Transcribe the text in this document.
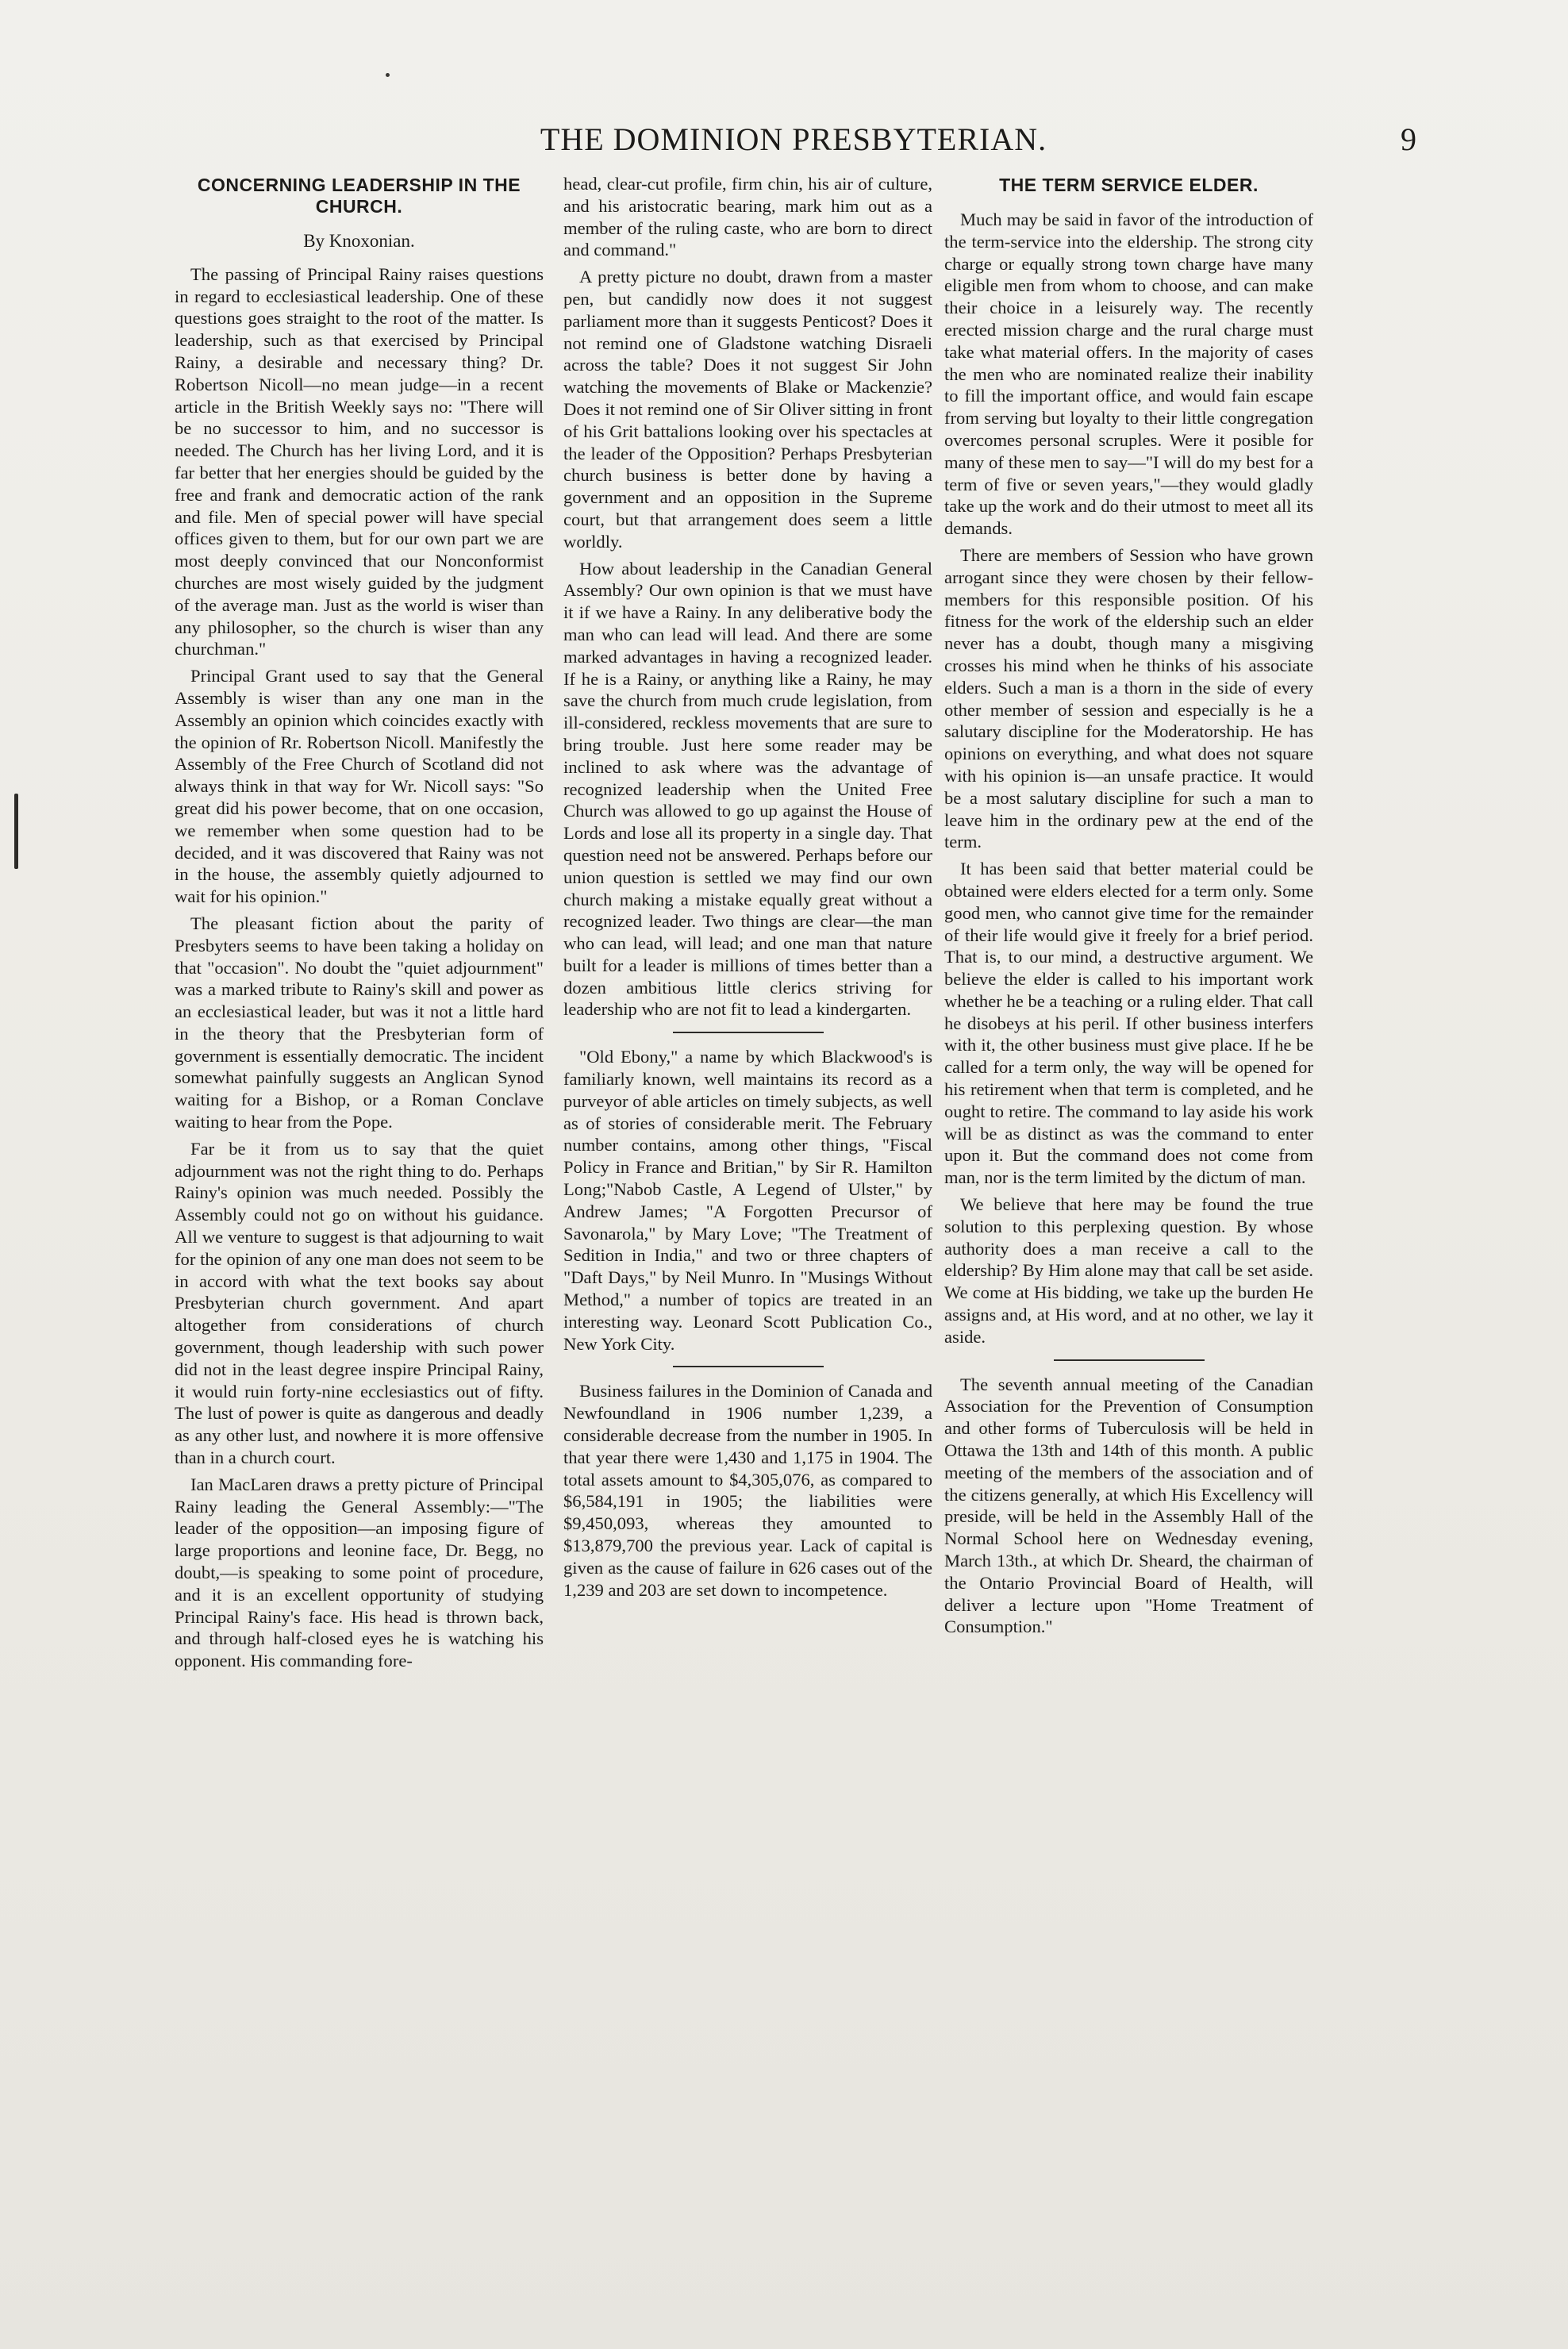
THE DOMINION PRESBYTERIAN.	9
CONCERNING LEADERSHIP IN THE CHURCH.
By Knoxonian.

The passing of Principal Rainy raises questions in regard to ecclesiastical leadership. One of these questions goes straight to the root of the matter. Is leadership, such as that exercised by Principal Rainy, a desirable and necessary thing? Dr. Robertson Nicoll—no mean judge—in a recent article in the British Weekly says no: "There will be no successor to him, and no successor is needed. The Church has her living Lord, and it is far better that her energies should be guided by the free and frank and democratic action of the rank and file. Men of special power will have special offices given to them, but for our own part we are most deeply convinced that our Nonconformist churches are most wisely guided by the judgment of the average man. Just as the world is wiser than any philosopher, so the church is wiser than any churchman."

Principal Grant used to say that the General Assembly is wiser than any one man in the Assembly an opinion which coincides exactly with the opinion of Rr. Robertson Nicoll. Manifestly the Assembly of the Free Church of Scotland did not always think in that way for Wr. Nicoll says: "So great did his power become, that on one occasion, we remember when some question had to be decided, and it was discovered that Rainy was not in the house, the assembly quietly adjourned to wait for his opinion."

The pleasant fiction about the parity of Presbyters seems to have been taking a holiday on that "occasion". No doubt the "quiet adjournment" was a marked tribute to Rainy's skill and power as an ecclesiastical leader, but was it not a little hard in the theory that the Presbyterian form of government is essentially democratic. The incident somewhat painfully suggests an Anglican Synod waiting for a Bishop, or a Roman Conclave waiting to hear from the Pope.

Far be it from us to say that the quiet adjournment was not the right thing to do. Perhaps Rainy's opinion was much needed. Possibly the Assembly could not go on without his guidance. All we venture to suggest is that adjourning to wait for the opinion of any one man does not seem to be in accord with what the text books say about Presbyterian church government. And apart altogether from considerations of church government, though leadership with such power did not in the least degree inspire Principal Rainy, it would ruin forty-nine ecclesiastics out of fifty. The lust of power is quite as dangerous and deadly as any other lust, and nowhere it is more offensive than in a church court.

Ian MacLaren draws a pretty picture of Principal Rainy leading the General Assembly:—"The leader of the opposition—an imposing figure of large proportions and leonine face, Dr. Begg, no doubt,—is speaking to some point of procedure, and it is an excellent opportunity of studying Principal Rainy's face. His head is thrown back, and through half-closed eyes he is watching his opponent. His commanding fore-

head, clear-cut profile, firm chin, his air of culture, and his aristocratic bearing, mark him out as a member of the ruling caste, who are born to direct and command."

A pretty picture no doubt, drawn from a master pen, but candidly now does it not suggest parliament more than it suggests Penticost? Does it not remind one of Gladstone watching Disraeli across the table? Does it not suggest Sir John watching the movements of Blake or Mackenzie? Does it not remind one of Sir Oliver sitting in front of his Grit battalions looking over his spectacles at the leader of the Opposition? Perhaps Presbyterian church business is better done by having a government and an opposition in the Supreme court, but that arrangement does seem a little worldly.

How about leadership in the Canadian General Assembly? Our own opinion is that we must have it if we have a Rainy. In any deliberative body the man who can lead will lead. And there are some marked advantages in having a recognized leader. If he is a Rainy, or anything like a Rainy, he may save the church from much crude legislation, from ill-considered, reckless movements that are sure to bring trouble. Just here some reader may be inclined to ask where was the advantage of recognized leadership when the United Free Church was allowed to go up against the House of Lords and lose all its property in a single day. That question need not be answered. Perhaps before our union question is settled we may find our own church making a mistake equally great without a recognized leader. Two things are clear—the man who can lead, will lead; and one man that nature built for a leader is millions of times better than a dozen ambitious little clerics striving for leadership who are not fit to lead a kindergarten.

"Old Ebony," a name by which Blackwood's is familiarly known, well maintains its record as a purveyor of able articles on timely subjects, as well as of stories of considerable merit. The February number contains, among other things, "Fiscal Policy in France and Britian," by Sir R. Hamilton Long;"Nabob Castle, A Legend of Ulster," by Andrew James; "A Forgotten Precursor of Savonarola," by Mary Love; "The Treatment of Sedition in India," and two or three chapters of "Daft Days," by Neil Munro. In "Musings Without Method," a number of topics are treated in an interesting way. Leonard Scott Publication Co., New York City.

Business failures in the Dominion of Canada and Newfoundland in 1906 number 1,239, a considerable decrease from the number in 1905. In that year there were 1,430 and 1,175 in 1904. The total assets amount to $4,305,076, as compared to $6,584,191 in 1905; the liabilities were $9,450,093, whereas they amounted to $13,879,700 the previous year. Lack of capital is given as the cause of failure in 626 cases out of the 1,239 and 203 are set down to incompetence.

THE TERM SERVICE ELDER.

Much may be said in favor of the introduction of the term-service into the eldership. The strong city charge or equally strong town charge have many eligible men from whom to choose, and can make their choice in a leisurely way. The recently erected mission charge and the rural charge must take what material offers. In the majority of cases the men who are nominated realize their inability to fill the important office, and would fain escape from serving but loyalty to their little congregation overcomes personal scruples. Were it posible for many of these men to say—"I will do my best for a term of five or seven years,"—they would gladly take up the work and do their utmost to meet all its demands.

There are members of Session who have grown arrogant since they were chosen by their fellow-members for this responsible position. Of his fitness for the work of the eldership such an elder never has a doubt, though many a misgiving crosses his mind when he thinks of his associate elders. Such a man is a thorn in the side of every other member of session and especially is he a salutary discipline for the Moderatorship. He has opinions on everything, and what does not square with his opinion is—an unsafe practice. It would be a most salutary discipline for such a man to leave him in the ordinary pew at the end of the term.

It has been said that better material could be obtained were elders elected for a term only. Some good men, who cannot give time for the remainder of their life would give it freely for a brief period. That is, to our mind, a destructive argument. We believe the elder is called to his important work whether he be a teaching or a ruling elder. That call he disobeys at his peril. If other business interfers with it, the other business must give place. If he be called for a term only, the way will be opened for his retirement when that term is completed, and he ought to retire. The command to lay aside his work will be as distinct as was the command to enter upon it. But the command does not come from man, nor is the term limited by the dictum of man.

We believe that here may be found the true solution to this perplexing question. By whose authority does a man receive a call to the eldership? By Him alone may that call be set aside. We come at His bidding, we take up the burden He assigns and, at His word, and at no other, we lay it aside.

The seventh annual meeting of the Canadian Association for the Prevention of Consumption and other forms of Tuberculosis will be held in Ottawa the 13th and 14th of this month. A public meeting of the members of the association and of the citizens generally, at which His Excellency will preside, will be held in the Assembly Hall of the Normal School here on Wednesday evening, March 13th., at which Dr. Sheard, the chairman of the Ontario Provincial Board of Health, will deliver a lecture upon "Home Treatment of Consumption."
